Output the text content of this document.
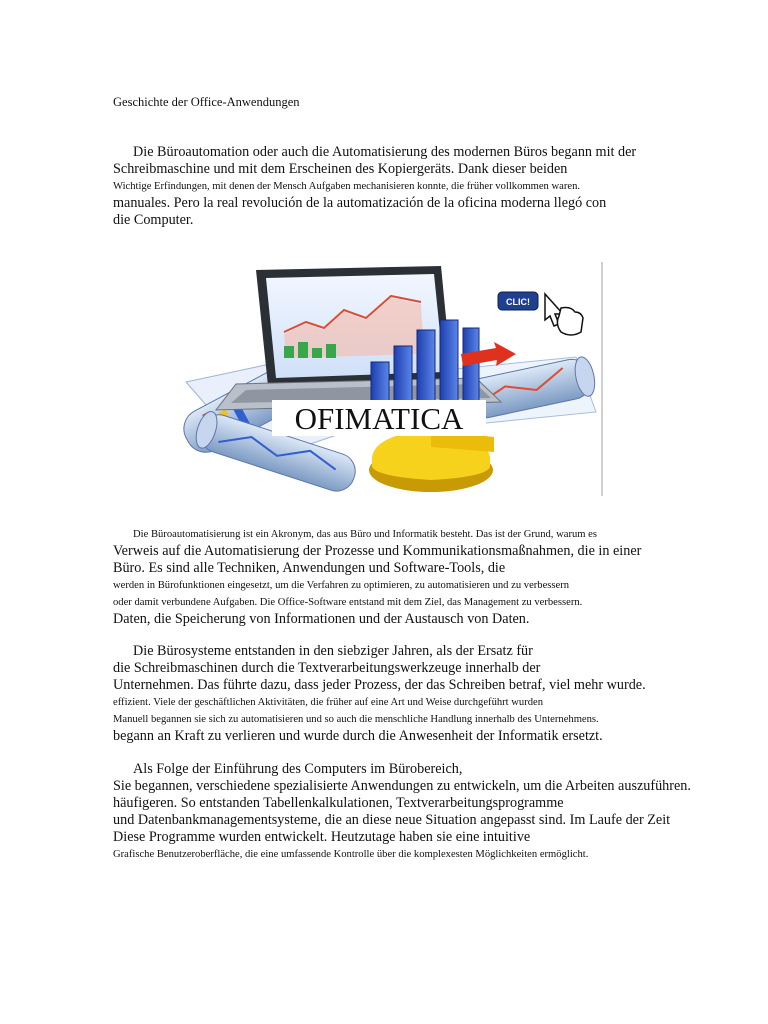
Geschichte der Office-Anwendungen
Die Büroautomation oder auch die Automatisierung des modernen Büros begann mit der
Schreibmaschine und mit dem Erscheinen des Kopiergeräts. Dank dieser beiden
Wichtige Erfindungen, mit denen der Mensch Aufgaben mechanisieren konnte, die früher vollkommen waren.
manuales. Pero la real revolución de la automatización de la oficina moderna llegó con
die Computer.
CLIC!
OFIMATICA
Die Büroautomatisierung ist ein Akronym, das aus Büro und Informatik besteht. Das ist der Grund, warum es
Verweis auf die Automatisierung der Prozesse und Kommunikationsmaßnahmen, die in einer
Büro. Es sind alle Techniken, Anwendungen und Software-Tools, die
werden in Bürofunktionen eingesetzt, um die Verfahren zu optimieren, zu automatisieren und zu verbessern
oder damit verbundene Aufgaben. Die Office-Software entstand mit dem Ziel, das Management zu verbessern.
Daten, die Speicherung von Informationen und der Austausch von Daten.
Die Bürosysteme entstanden in den siebziger Jahren, als der Ersatz für
die Schreibmaschinen durch die Textverarbeitungswerkzeuge innerhalb der
Unternehmen. Das führte dazu, dass jeder Prozess, der das Schreiben betraf, viel mehr wurde.
effizient. Viele der geschäftlichen Aktivitäten, die früher auf eine Art und Weise durchgeführt wurden
Manuell begannen sie sich zu automatisieren und so auch die menschliche Handlung innerhalb des Unternehmens.
begann an Kraft zu verlieren und wurde durch die Anwesenheit der Informatik ersetzt.
Als Folge der Einführung des Computers im Bürobereich,
Sie begannen, verschiedene spezialisierte Anwendungen zu entwickeln, um die Arbeiten auszuführen.
häufigeren. So entstanden Tabellenkalkulationen, Textverarbeitungsprogramme
und Datenbankmanagementsysteme, die an diese neue Situation angepasst sind. Im Laufe der Zeit
Diese Programme wurden entwickelt. Heutzutage haben sie eine intuitive
Grafische Benutzeroberfläche, die eine umfassende Kontrolle über die komplexesten Möglichkeiten ermöglicht.
